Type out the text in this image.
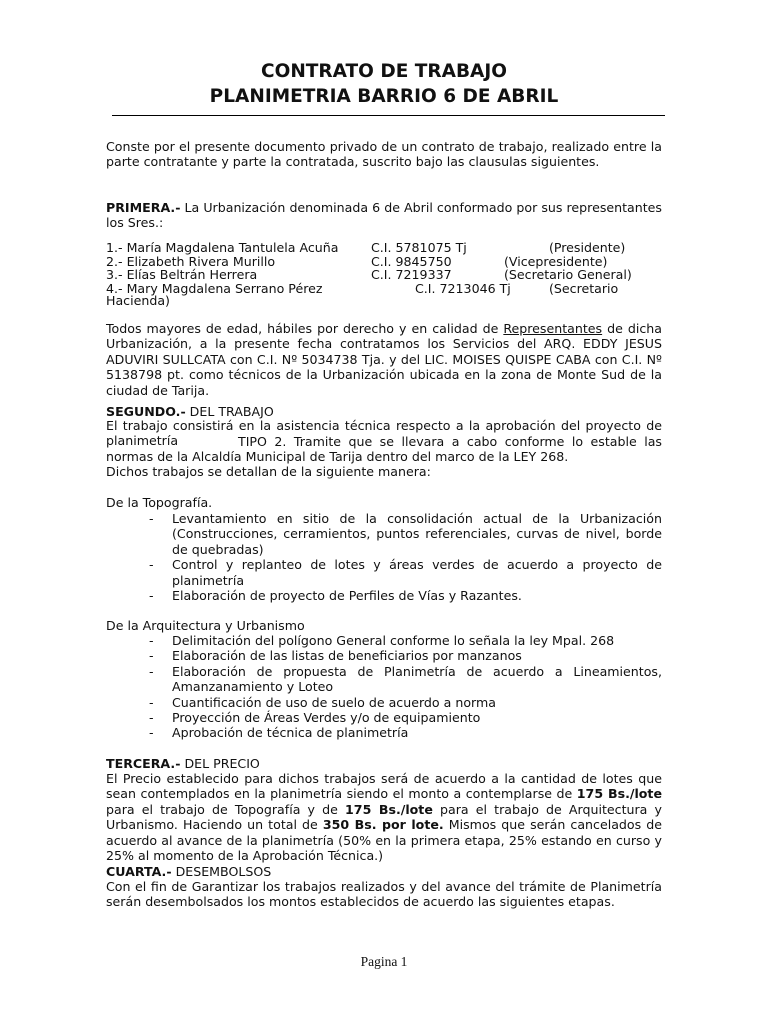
CONTRATO DE TRABAJO
PLANIMETRIA BARRIO 6 DE ABRIL
Conste por el presente documento privado de un contrato de trabajo, realizado entre la parte contratante y parte la contratada, suscrito bajo las clausulas siguientes.
PRIMERA.- La Urbanización denominada 6 de Abril conformado por sus representantes los Sres.:
1.- María Magdalena Tantulela Acuña	C.I. 5781075 Tj	(Presidente)
2.- Elizabeth Rivera Murillo	C.I. 9845750	(Vicepresidente)
3.- Elías Beltrán Herrera	C.I. 7219337	(Secretario General)
4.- Mary Magdalena Serrano Pérez	C.I. 7213046 Tj	(Secretario
Hacienda)
Todos mayores de edad, hábiles por derecho y en calidad de Representantes de dicha Urbanización, a la presente fecha contratamos los Servicios del ARQ. EDDY JESUS ADUVIRI SULLCATA con C.I. Nº 5034738 Tja. y del LIC. MOISES QUISPE CABA con C.I. Nº 5138798 pt. como técnicos de la Urbanización ubicada en la zona de Monte Sud de la ciudad de Tarija.
SEGUNDO.- DEL TRABAJO
El trabajo consistirá en la asistencia técnica respecto a la aprobación del proyecto de planimetría	TIPO 2. Tramite que se llevara a cabo conforme lo estable las normas de la Alcaldía Municipal de Tarija dentro del marco de la LEY 268.
Dichos trabajos se detallan de la siguiente manera:
De la Topografía.
- Levantamiento en sitio de la consolidación actual de la Urbanización (Construcciones, cerramientos, puntos referenciales, curvas de nivel, borde de quebradas)
- Control y replanteo de lotes y áreas verdes de acuerdo a proyecto de planimetría
- Elaboración de proyecto de Perfiles de Vías y Razantes.
De la Arquitectura y Urbanismo
- Delimitación del polígono General conforme lo señala la ley Mpal. 268
- Elaboración de las listas de beneficiarios por manzanos
- Elaboración de propuesta de Planimetría de acuerdo a Lineamientos, Amanzanamiento y Loteo
- Cuantificación de uso de suelo de acuerdo a norma
- Proyección de Áreas Verdes y/o de equipamiento
- Aprobación de técnica de planimetría
TERCERA.- DEL PRECIO
El Precio establecido para dichos trabajos será de acuerdo a la cantidad de lotes que sean contemplados en la planimetría siendo el monto a contemplarse de 175 Bs./lote para el trabajo de Topografía y de 175 Bs./lote para el trabajo de Arquitectura y Urbanismo. Haciendo un total de 350 Bs. por lote. Mismos que serán cancelados de acuerdo al avance de la planimetría (50% en la primera etapa, 25% estando en curso y 25% al momento de la Aprobación Técnica.)
CUARTA.- DESEMBOLSOS
Con el fin de Garantizar los trabajos realizados y del avance del trámite de Planimetría serán desembolsados los montos establecidos de acuerdo las siguientes etapas.
Pagina 1
